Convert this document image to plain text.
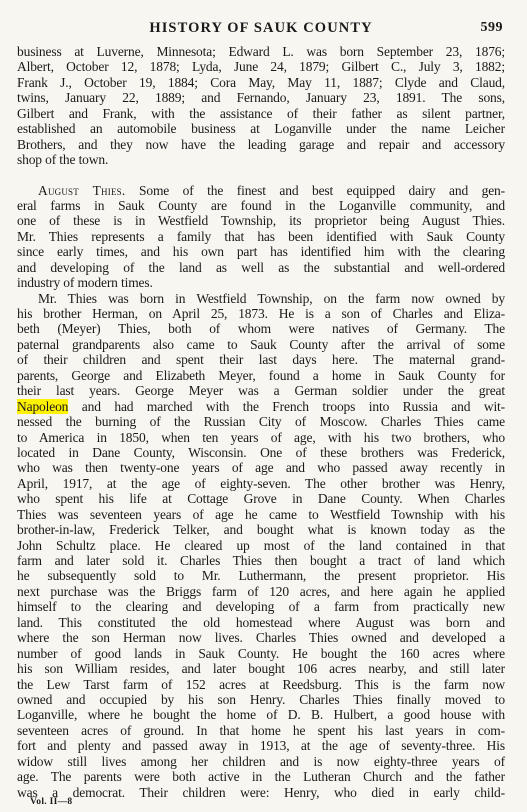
HISTORY OF SAUK COUNTY	599
business at Luverne, Minnesota; Edward L. was born September 23, 1876;
Albert, October 12, 1878; Lyda, June 24, 1879; Gilbert C., July 3, 1882;
Frank J., October 19, 1884; Cora May, May 11, 1887; Clyde and Claud,
twins, January 22, 1889; and Fernando, January 23, 1891. The sons,
Gilbert and Frank, with the assistance of their father as silent partner,
established an automobile business at Loganville under the name Leicher
Brothers, and they now have the leading garage and repair and accessory
shop of the town.
August Thies. Some of the finest and best equipped dairy and gen-
eral farms in Sauk County are found in the Loganville community, and
one of these is in Westfield Township, its proprietor being August Thies.
Mr. Thies represents a family that has been identified with Sauk County
since early times, and his own part has identified him with the clearing
and developing of the land as well as the substantial and well-ordered
industry of modern times.
Mr. Thies was born in Westfield Township, on the farm now owned by
his brother Herman, on April 25, 1873. He is a son of Charles and Eliza-
beth (Meyer) Thies, both of whom were natives of Germany. The
paternal grandparents also came to Sauk County after the arrival of some
of their children and spent their last days here. The maternal grand-
parents, George and Elizabeth Meyer, found a home in Sauk County for
their last years. George Meyer was a German soldier under the great
Napoleon and had marched with the French troops into Russia and wit-
nessed the burning of the Russian City of Moscow. Charles Thies came
to America in 1850, when ten years of age, with his two brothers, who
located in Dane County, Wisconsin. One of these brothers was Frederick,
who was then twenty-one years of age and who passed away recently in
April, 1917, at the age of eighty-seven. The other brother was Henry,
who spent his life at Cottage Grove in Dane County. When Charles
Thies was seventeen years of age he came to Westfield Township with his
brother-in-law, Frederick Telker, and bought what is known today as the
John Schultz place. He cleared up most of the land contained in that
farm and later sold it. Charles Thies then bought a tract of land which
he subsequently sold to Mr. Luthermann, the present proprietor. His
next purchase was the Briggs farm of 120 acres, and here again he applied
himself to the clearing and developing of a farm from practically new
land. This constituted the old homestead where August was born and
where the son Herman now lives. Charles Thies owned and developed a
number of good lands in Sauk County. He bought the 160 acres where
his son William resides, and later bought 106 acres nearby, and still later
the Lew Tarst farm of 152 acres at Reedsburg. This is the farm now
owned and occupied by his son Henry. Charles Thies finally moved to
Loganville, where he bought the home of D. B. Hulbert, a good house with
seventeen acres of ground. In that home he spent his last years in com-
fort and plenty and passed away in 1913, at the age of seventy-three. His
widow still lives among her children and is now eighty-three years of
age. The parents were both active in the Lutheran Church and the father
was a democrat. Their children were: Henry, who died in early child-
Vol. II—8
